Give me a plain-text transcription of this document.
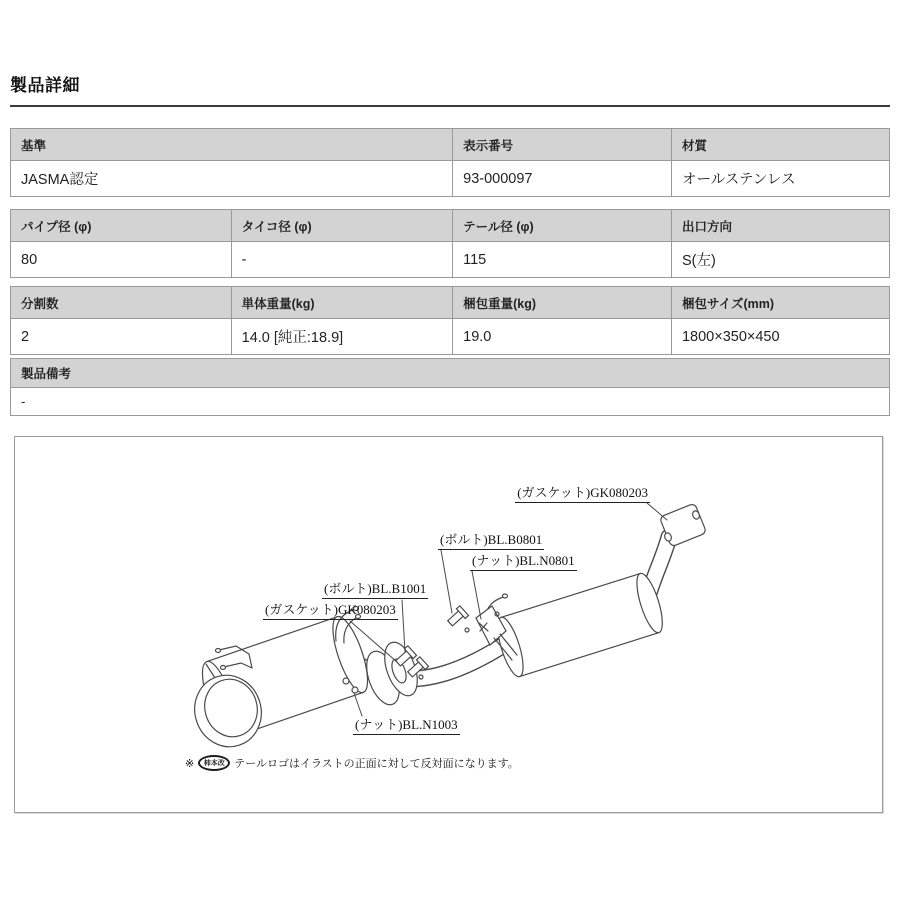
製品詳細
基準	表示番号	材質
JASMA認定	93-000097	オールステンレス
パイプ径 (φ)	タイコ径 (φ)	テール径 (φ)	出口方向
80	-	115	S(左)
分割数	単体重量(kg)	梱包重量(kg)	梱包サイズ(mm)
2	14.0 [純正:18.9]	19.0	1800×350×450
製品備考
-
(ガスケット)GK080203
(ボルト)BL.B0801
(ナット)BL.N0801
(ボルト)BL.B1001
(ガスケット)GK080203
(ナット)BL.N1003
※	柿本改 テールロゴはイラストの正面に対して反対面になります。
